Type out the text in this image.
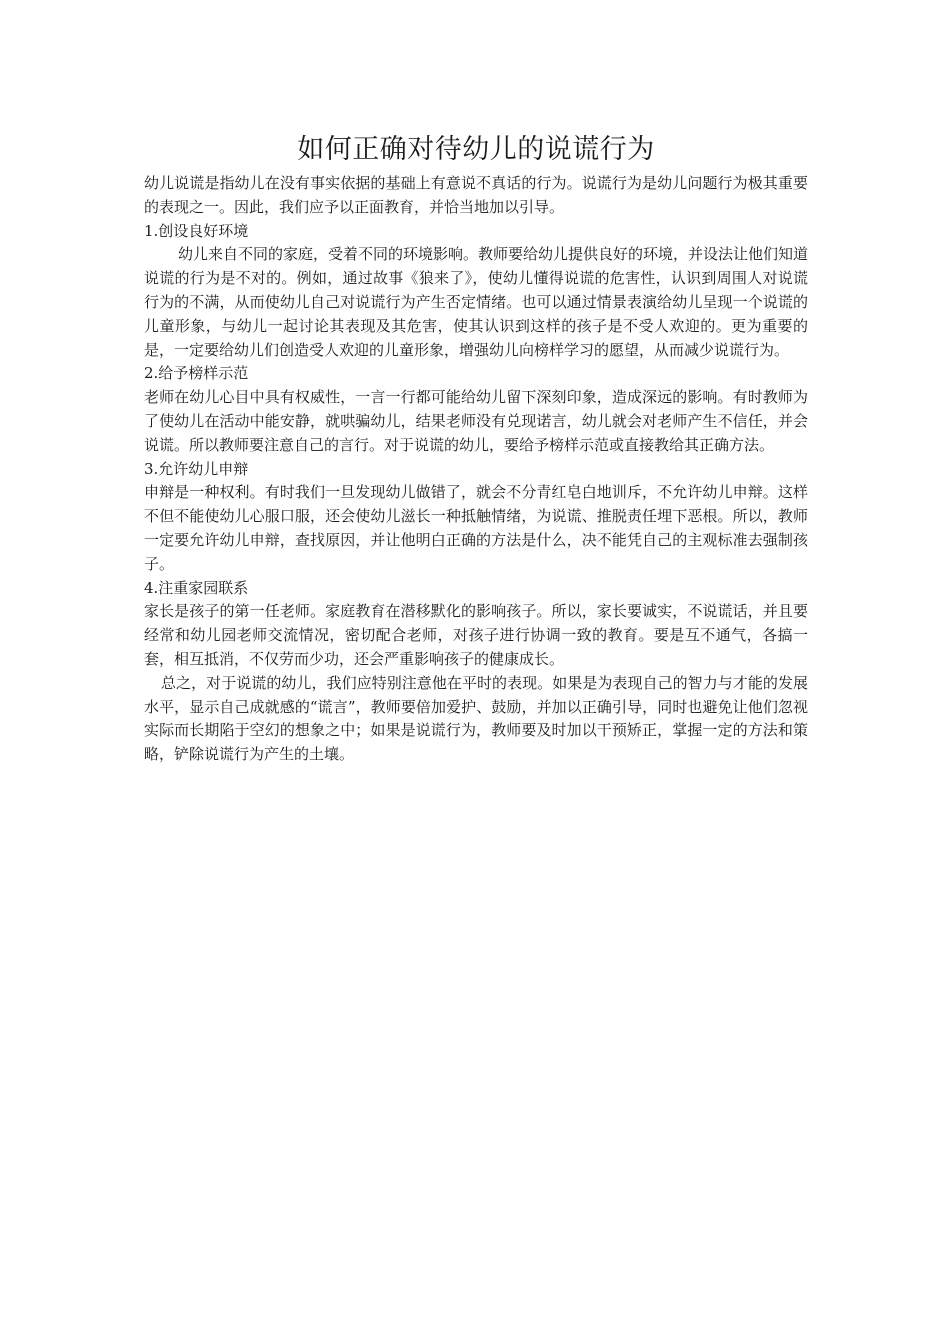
如何正确对待幼儿的说谎行为

幼儿说谎是指幼儿在没有事实依据的基础上有意说不真话的行为。说谎行为是幼儿问题行为极其重要的表现之一。因此，我们应予以正面教育，并恰当地加以引导。

1.创设良好环境

幼儿来自不同的家庭，受着不同的环境影响。教师要给幼儿提供良好的环境，并设法让他们知道说谎的行为是不对的。例如，通过故事《狼来了》，使幼儿懂得说谎的危害性，认识到周围人对说谎行为的不满，从而使幼儿自己对说谎行为产生否定情绪。也可以通过情景表演给幼儿呈现一个说谎的儿童形象，与幼儿一起讨论其表现及其危害，使其认识到这样的孩子是不受人欢迎的。更为重要的是，一定要给幼儿们创造受人欢迎的儿童形象，增强幼儿向榜样学习的愿望，从而减少说谎行为。

2.给予榜样示范

老师在幼儿心目中具有权威性，一言一行都可能给幼儿留下深刻印象，造成深远的影响。有时教师为了使幼儿在活动中能安静，就哄骗幼儿，结果老师没有兑现诺言，幼儿就会对老师产生不信任，并会说谎。所以教师要注意自己的言行。对于说谎的幼儿，要给予榜样示范或直接教给其正确方法。

3.允许幼儿申辩

申辩是一种权利。有时我们一旦发现幼儿做错了，就会不分青红皂白地训斥，不允许幼儿申辩。这样不但不能使幼儿心服口服，还会使幼儿滋长一种抵触情绪，为说谎、推脱责任埋下恶根。所以，教师一定要允许幼儿申辩，查找原因，并让他明白正确的方法是什么，决不能凭自己的主观标准去强制孩子。

4.注重家园联系

家长是孩子的第一任老师。家庭教育在潜移默化的影响孩子。所以，家长要诚实，不说谎话，并且要经常和幼儿园老师交流情况，密切配合老师，对孩子进行协调一致的教育。要是互不通气，各搞一套，相互抵消，不仅劳而少功，还会严重影响孩子的健康成长。

总之，对于说谎的幼儿，我们应特别注意他在平时的表现。如果是为表现自己的智力与才能的发展水平，显示自己成就感的“谎言”，教师要倍加爱护、鼓励，并加以正确引导，同时也避免让他们忽视实际而长期陷于空幻的想象之中；如果是说谎行为，教师要及时加以干预矫正，掌握一定的方法和策略，铲除说谎行为产生的土壤。
